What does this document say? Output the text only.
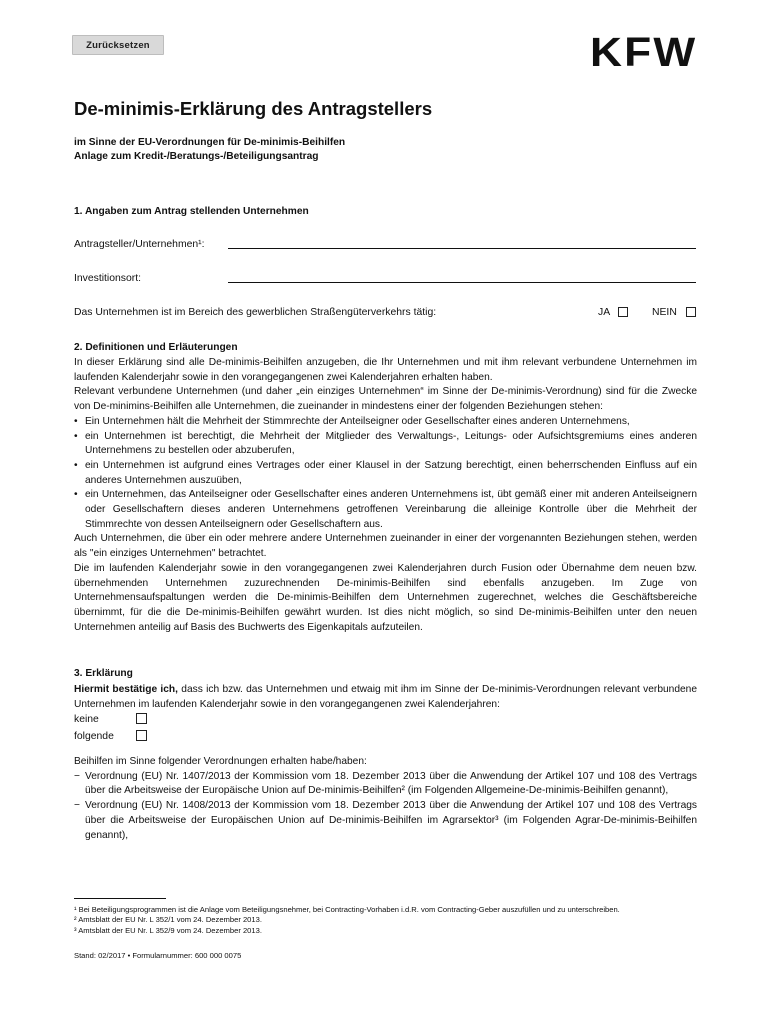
Zurücksetzen	KFW
De-minimis-Erklärung des Antragstellers
im Sinne der EU-Verordnungen für De-minimis-Beihilfen
Anlage zum Kredit-/Beratungs-/Beteiligungsantrag
1. Angaben zum Antrag stellenden Unternehmen
Antragsteller/Unternehmen¹:
Investitionsort:
Das Unternehmen ist im Bereich des gewerblichen Straßengüterverkehrs tätig:	JA	NEIN
2. Definitionen und Erläuterungen

In dieser Erklärung sind alle De-minimis-Beihilfen anzugeben, die Ihr Unternehmen und mit ihm relevant verbundene Unternehmen im laufenden Kalenderjahr sowie in den vorangegangenen zwei Kalenderjahren erhalten haben.

Relevant verbundene Unternehmen (und daher „ein einziges Unternehmen“ im Sinne der De-minimis-Verordnung) sind für die Zwecke von De-minimins-Beihilfen alle Unternehmen, die zueinander in mindestens einer der folgenden Beziehungen stehen:

• Ein Unternehmen hält die Mehrheit der Stimmrechte der Anteilseigner oder Gesellschafter eines anderen Unternehmens,
• ein Unternehmen ist berechtigt, die Mehrheit der Mitglieder des Verwaltungs-, Leitungs- oder Aufsichtsgremiums eines anderen Unternehmens zu bestellen oder abzuberufen,
• ein Unternehmen ist aufgrund eines Vertrages oder einer Klausel in der Satzung berechtigt, einen beherrschenden Einfluss auf ein anderes Unternehmen auszuüben,
• ein Unternehmen, das Anteilseigner oder Gesellschafter eines anderen Unternehmens ist, übt gemäß einer mit anderen Anteilseignern oder Gesellschaftern dieses anderen Unternehmens getroffenen Vereinbarung die alleinige Kontrolle über die Mehrheit der Stimmrechte von dessen Anteilseignern oder Gesellschaftern aus.

Auch Unternehmen, die über ein oder mehrere andere Unternehmen zueinander in einer der vorgenannten Beziehungen stehen, werden als "ein einziges Unternehmen" betrachtet.

Die im laufenden Kalenderjahr sowie in den vorangegangenen zwei Kalenderjahren durch Fusion oder Übernahme dem neuen bzw. übernehmenden Unternehmen zuzurechnenden De-minimis-Beihilfen sind ebenfalls anzugeben. Im Zuge von Unternehmensaufspaltungen werden die De-minimis-Beihilfen dem Unternehmen zugerechnet, welches die Geschäftsbereiche übernimmt, für die die De-minimis-Beihilfen gewährt wurden. Ist dies nicht möglich, so sind De-minimis-Beihilfen unter den neuen Unternehmen anteilig auf Basis des Buchwerts des Eigenkapitals aufzuteilen.

3. Erklärung

Hiermit bestätige ich, dass ich bzw. das Unternehmen und etwaig mit ihm im Sinne der De-minimis-Verordnungen relevant verbundene Unternehmen im laufenden Kalenderjahr sowie in den vorangegangenen zwei Kalenderjahren:

keine
folgende

Beihilfen im Sinne folgender Verordnungen erhalten habe/haben:

− Verordnung (EU) Nr. 1407/2013 der Kommission vom 18. Dezember 2013 über die Anwendung der Artikel 107 und 108 des Vertrags über die Arbeitsweise der Europäische Union auf De-minimis-Beihilfen² (im Folgenden Allgemeine-De-minimis-Beihilfen genannt),
− Verordnung (EU) Nr. 1408/2013 der Kommission vom 18. Dezember 2013 über die Anwendung der Artikel 107 und 108 des Vertrags über die Arbeitsweise der Europäischen Union auf De-minimis-Beihilfen im Agrarsektor³ (im Folgenden Agrar-De-minimis-Beihilfen genannt),

¹ Bei Beteiligungsprogrammen ist die Anlage vom Beteiligungsnehmer, bei Contracting-Vorhaben i.d.R. vom Contracting-Geber auszufüllen und zu unterschreiben.

² Amtsblatt der EU Nr. L 352/1 vom 24. Dezember 2013.

³ Amtsblatt der EU Nr. L 352/9 vom 24. Dezember 2013.

Stand: 02/2017 • Formularnummer: 600 000 0075
